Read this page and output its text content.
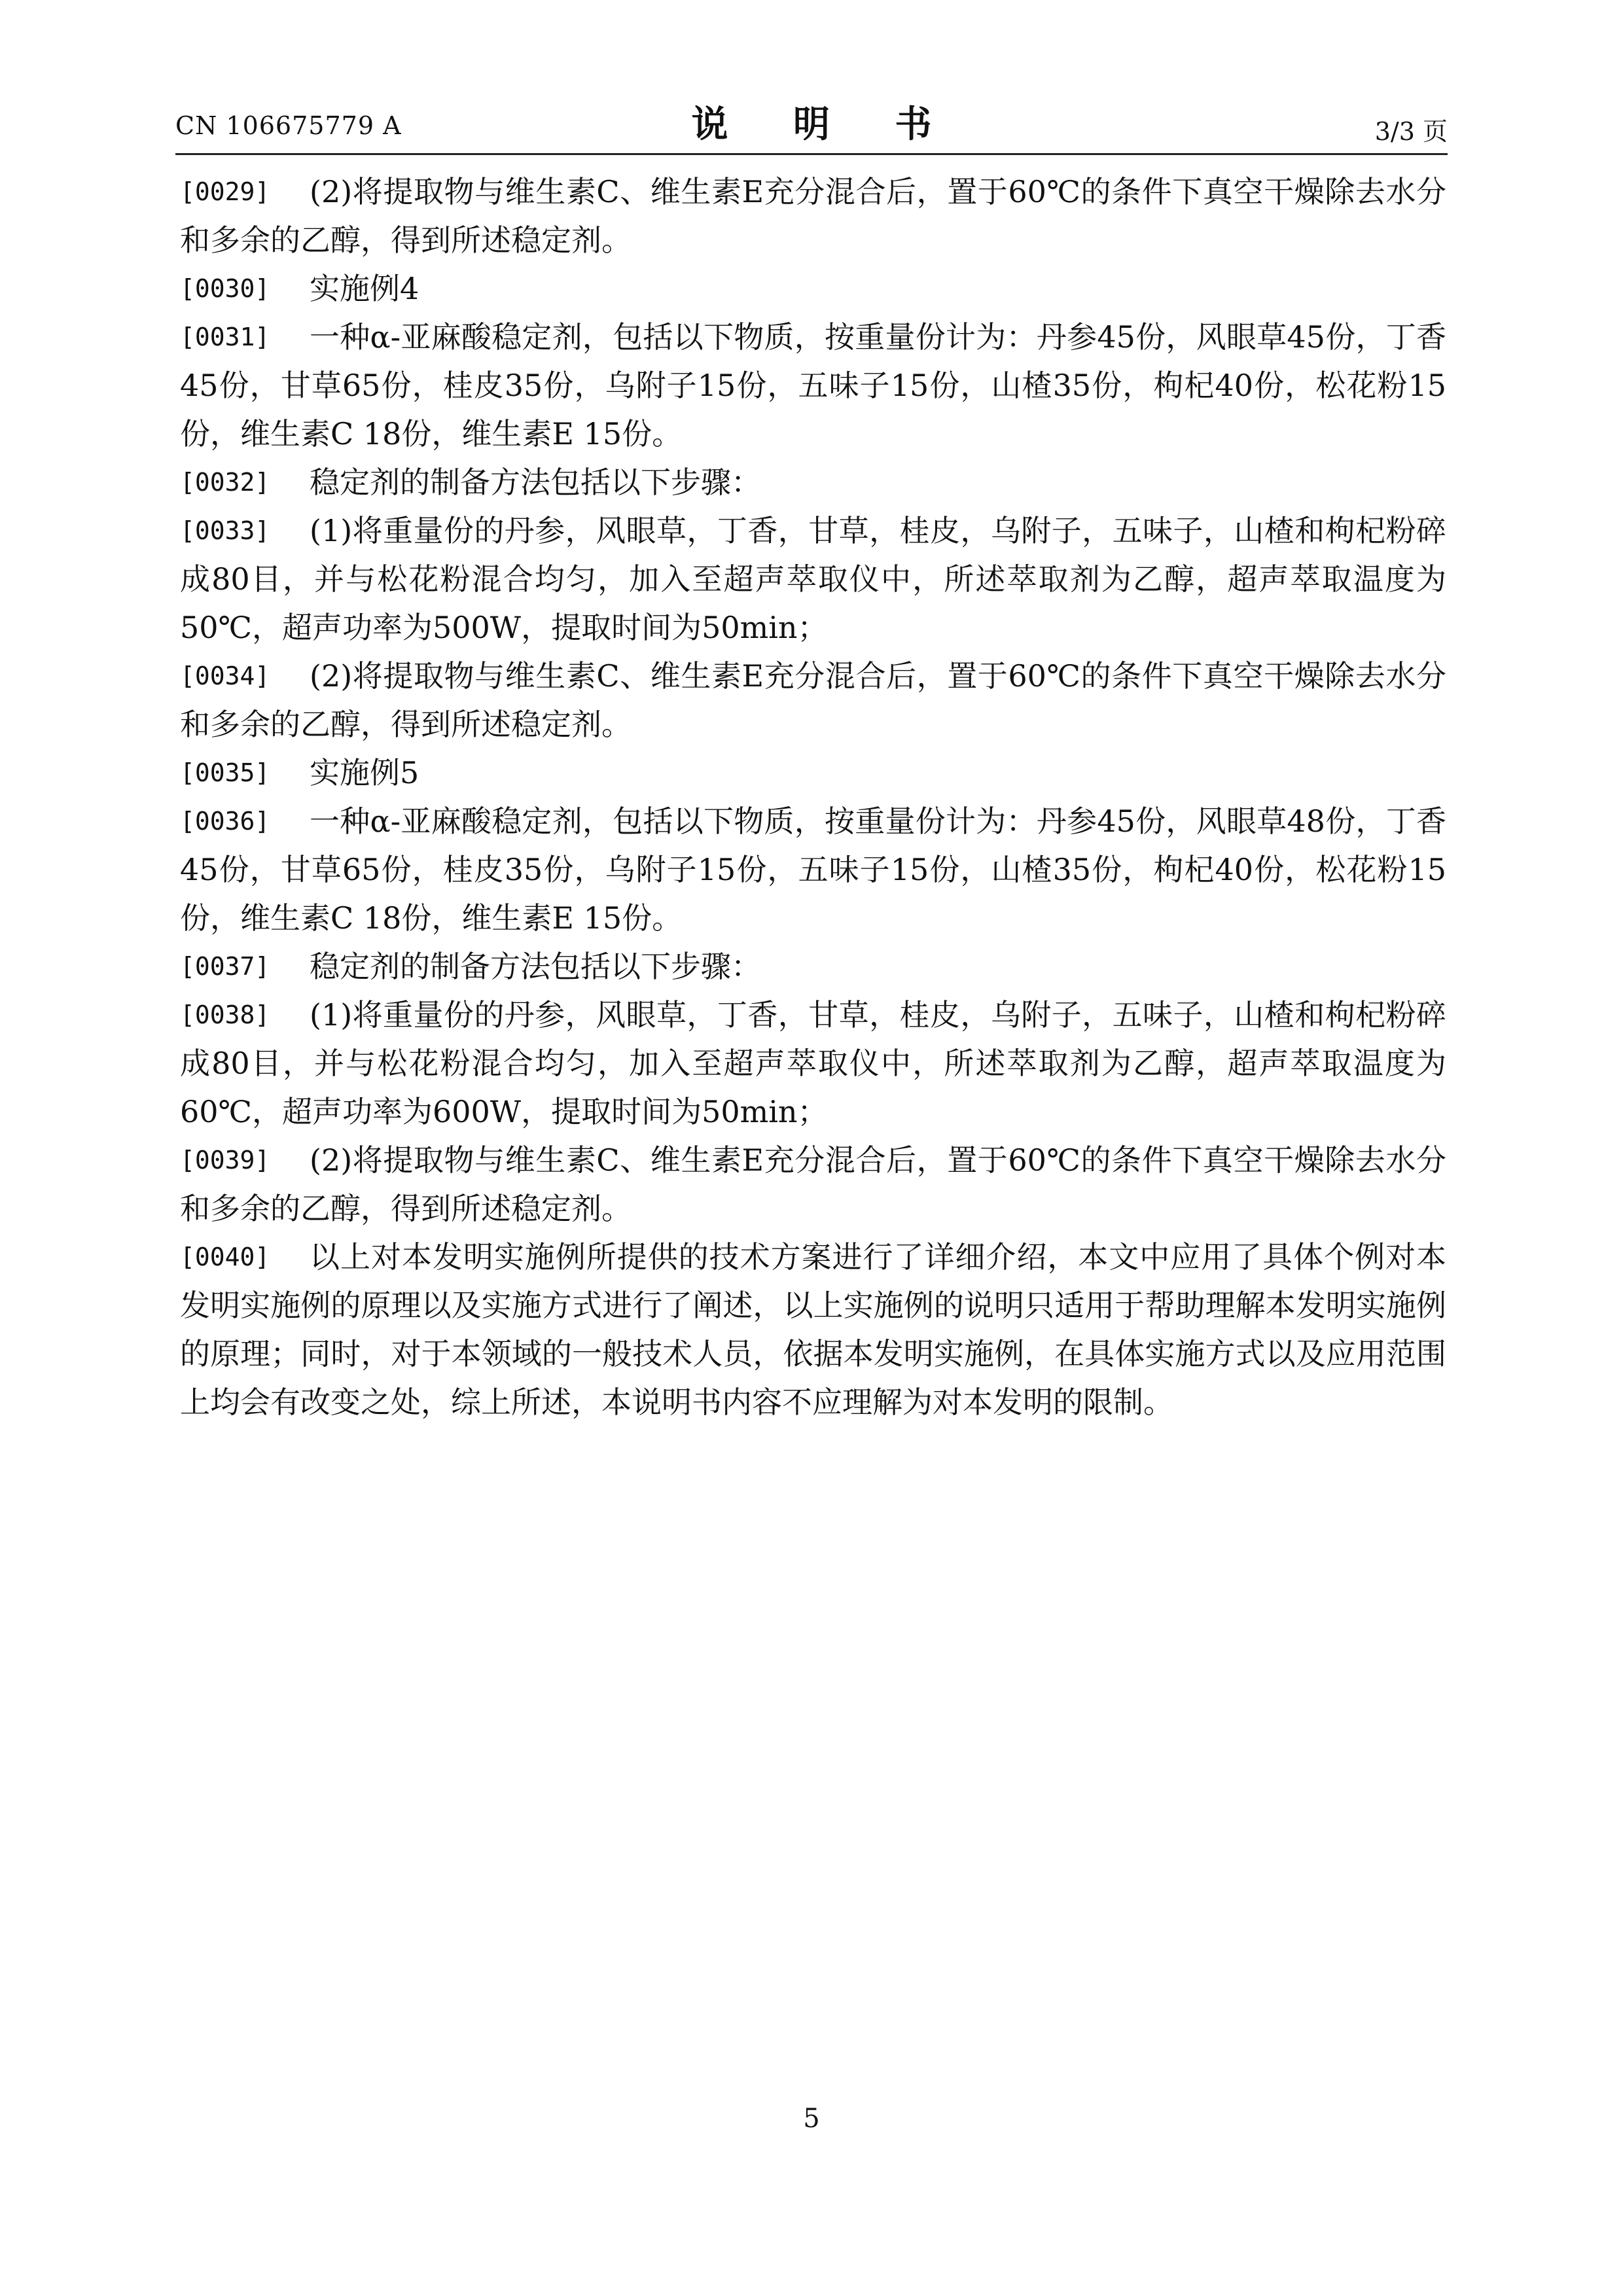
CN 106675779 A	说 明 书	3/3 页

[0029] (2)将提取物与维生素C、维生素E充分混合后，置于60℃的条件下真空干燥除去水分和多余的乙醇，得到所述稳定剂。

[0030] 实施例4

[0031] 一种α-亚麻酸稳定剂，包括以下物质，按重量份计为：丹参45份，风眼草45份，丁香45份，甘草65份，桂皮35份，乌附子15份，五味子15份，山楂35份，枸杞40份，松花粉15份，维生素C 18份，维生素E 15份。

[0032] 稳定剂的制备方法包括以下步骤：

[0033] (1)将重量份的丹参，风眼草，丁香，甘草，桂皮，乌附子，五味子，山楂和枸杞粉碎成80目，并与松花粉混合均匀，加入至超声萃取仪中，所述萃取剂为乙醇，超声萃取温度为50℃，超声功率为500W，提取时间为50min；

[0034] (2)将提取物与维生素C、维生素E充分混合后，置于60℃的条件下真空干燥除去水分和多余的乙醇，得到所述稳定剂。

[0035] 实施例5

[0036] 一种α-亚麻酸稳定剂，包括以下物质，按重量份计为：丹参45份，风眼草48份，丁香45份，甘草65份，桂皮35份，乌附子15份，五味子15份，山楂35份，枸杞40份，松花粉15份，维生素C 18份，维生素E 15份。

[0037] 稳定剂的制备方法包括以下步骤：

[0038] (1)将重量份的丹参，风眼草，丁香，甘草，桂皮，乌附子，五味子，山楂和枸杞粉碎成80目，并与松花粉混合均匀，加入至超声萃取仪中，所述萃取剂为乙醇，超声萃取温度为60℃，超声功率为600W，提取时间为50min；

[0039] (2)将提取物与维生素C、维生素E充分混合后，置于60℃的条件下真空干燥除去水分和多余的乙醇，得到所述稳定剂。

[0040] 以上对本发明实施例所提供的技术方案进行了详细介绍，本文中应用了具体个例对本发明实施例的原理以及实施方式进行了阐述，以上实施例的说明只适用于帮助理解本发明实施例的原理；同时，对于本领域的一般技术人员，依据本发明实施例，在具体实施方式以及应用范围上均会有改变之处，综上所述，本说明书内容不应理解为对本发明的限制。

5
